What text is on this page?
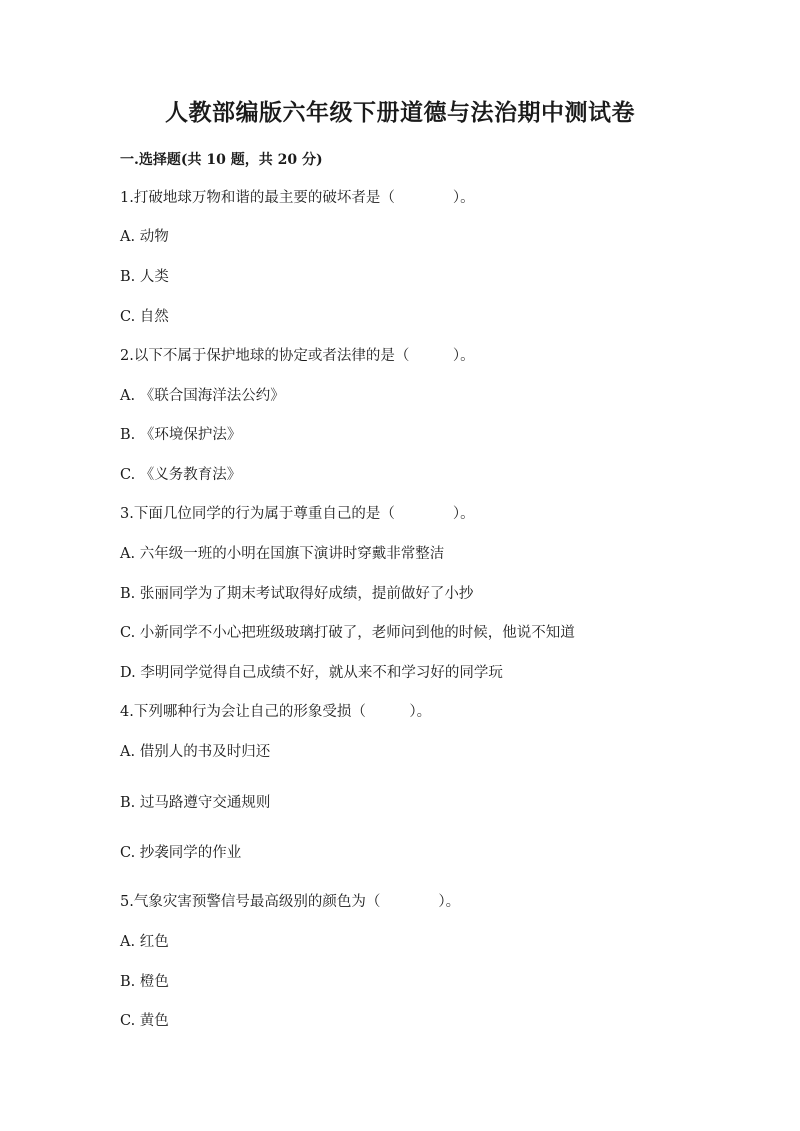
人教部编版六年级下册道德与法治期中测试卷
一.选择题(共 10 题，共 20 分)
1.打破地球万物和谐的最主要的破坏者是（　　　　）。
A. 动物
B. 人类
C. 自然
2.以下不属于保护地球的协定或者法律的是（　　　）。
A. 《联合国海洋法公约》
B. 《环境保护法》
C. 《义务教育法》
3.下面几位同学的行为属于尊重自己的是（　　　　）。
A. 六年级一班的小明在国旗下演讲时穿戴非常整洁
B. 张丽同学为了期末考试取得好成绩，提前做好了小抄
C. 小新同学不小心把班级玻璃打破了，老师问到他的时候，他说不知道
D. 李明同学觉得自己成绩不好，就从来不和学习好的同学玩
4.下列哪种行为会让自己的形象受损（　　　）。
A. 借别人的书及时归还
B. 过马路遵守交通规则
C. 抄袭同学的作业
5.气象灾害预警信号最高级别的颜色为（　　　　）。
A. 红色
B. 橙色
C. 黄色
